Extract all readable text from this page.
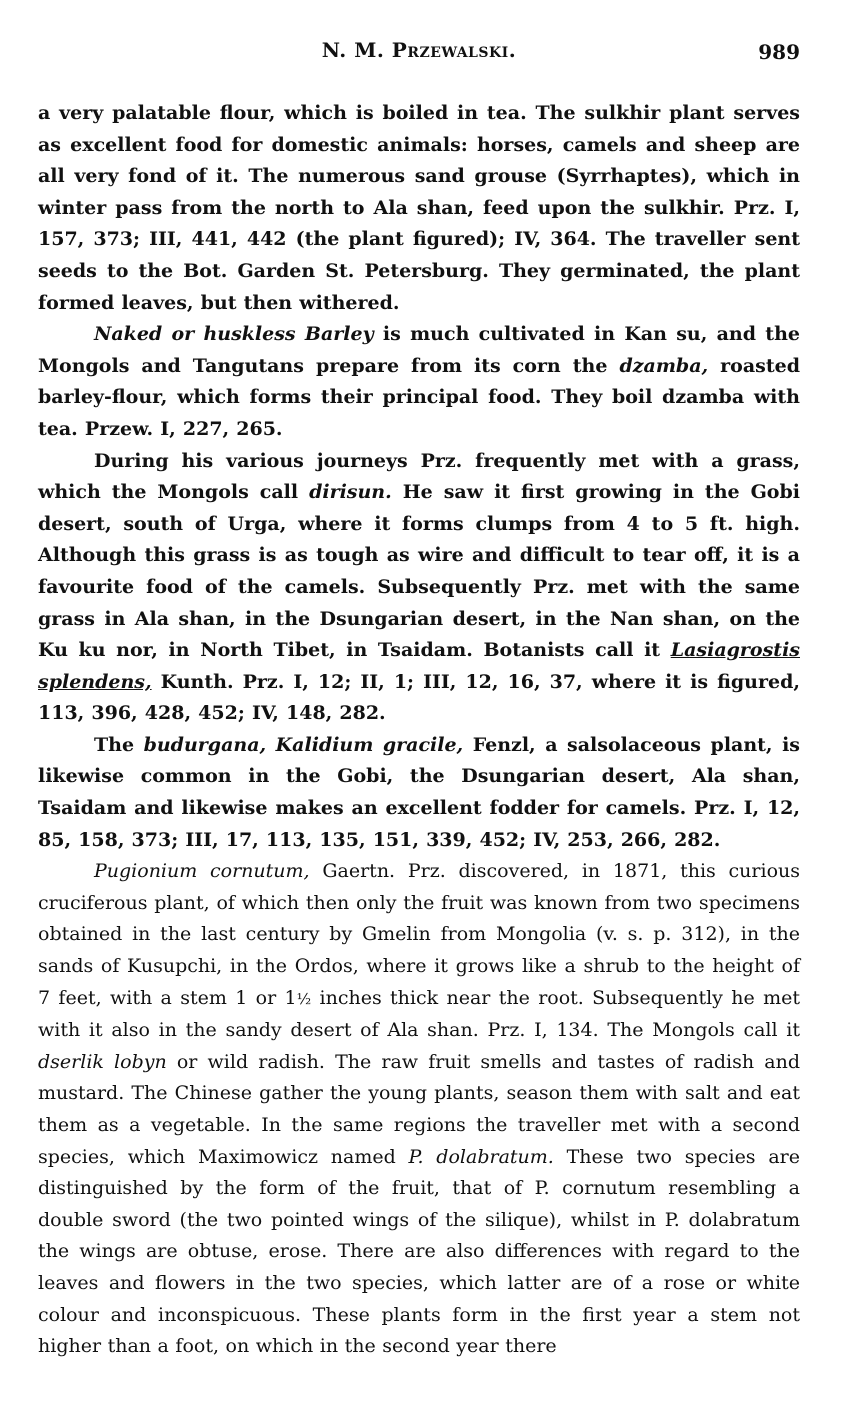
N. M. Przewalski.	989

a very palatable flour, which is boiled in tea. The sulkhir plant serves as excellent food for domestic animals: horses, camels and sheep are all very fond of it. The numerous sand grouse (Syrrhaptes), which in winter pass from the north to Ala shan, feed upon the sulkhir. Prz. I, 157, 373; III, 441, 442 (the plant figured); IV, 364. The traveller sent seeds to the Bot. Garden St. Petersburg. They germinated, the plant formed leaves, but then withered.

Naked or huskless Barley is much cultivated in Kan su, and the Mongols and Tangutans prepare from its corn the dzamba, roasted barley-flour, which forms their principal food. They boil dzamba with tea. Przew. I, 227, 265.

During his various journeys Prz. frequently met with a grass, which the Mongols call dirisun. He saw it first growing in the Gobi desert, south of Urga, where it forms clumps from 4 to 5 ft. high. Although this grass is as tough as wire and difficult to tear off, it is a favourite food of the camels. Subsequently Prz. met with the same grass in Ala shan, in the Dsungarian desert, in the Nan shan, on the Ku ku nor, in North Tibet, in Tsaidam. Botanists call it Lasiagrostis splendens, Kunth. Prz. I, 12; II, 1; III, 12, 16, 37, where it is figured, 113, 396, 428, 452; IV, 148, 282.

The budurgana, Kalidium gracile, Fenzl, a salsolaceous plant, is likewise common in the Gobi, the Dsungarian desert, Ala shan, Tsaidam and likewise makes an excellent fodder for camels. Prz. I, 12, 85, 158, 373; III, 17, 113, 135, 151, 339, 452; IV, 253, 266, 282.

Pugionium cornutum, Gaertn. Prz. discovered, in 1871, this curious cruciferous plant, of which then only the fruit was known from two specimens obtained in the last century by Gmelin from Mongolia (v. s. p. 312), in the sands of Kusupchi, in the Ordos, where it grows like a shrub to the height of 7 feet, with a stem 1 or 1½ inches thick near the root. Subsequently he met with it also in the sandy desert of Ala shan. Prz. I, 134. The Mongols call it dserlik lobyn or wild radish. The raw fruit smells and tastes of radish and mustard. The Chinese gather the young plants, season them with salt and eat them as a vegetable. In the same regions the traveller met with a second species, which Maximowicz named P. dolabratum. These two species are distinguished by the form of the fruit, that of P. cornutum resembling a double sword (the two pointed wings of the silique), whilst in P. dolabratum the wings are obtuse, erose. There are also differences with regard to the leaves and flowers in the two species, which latter are of a rose or white colour and inconspicuous. These plants form in the first year a stem not higher than a foot, on which in the second year there
